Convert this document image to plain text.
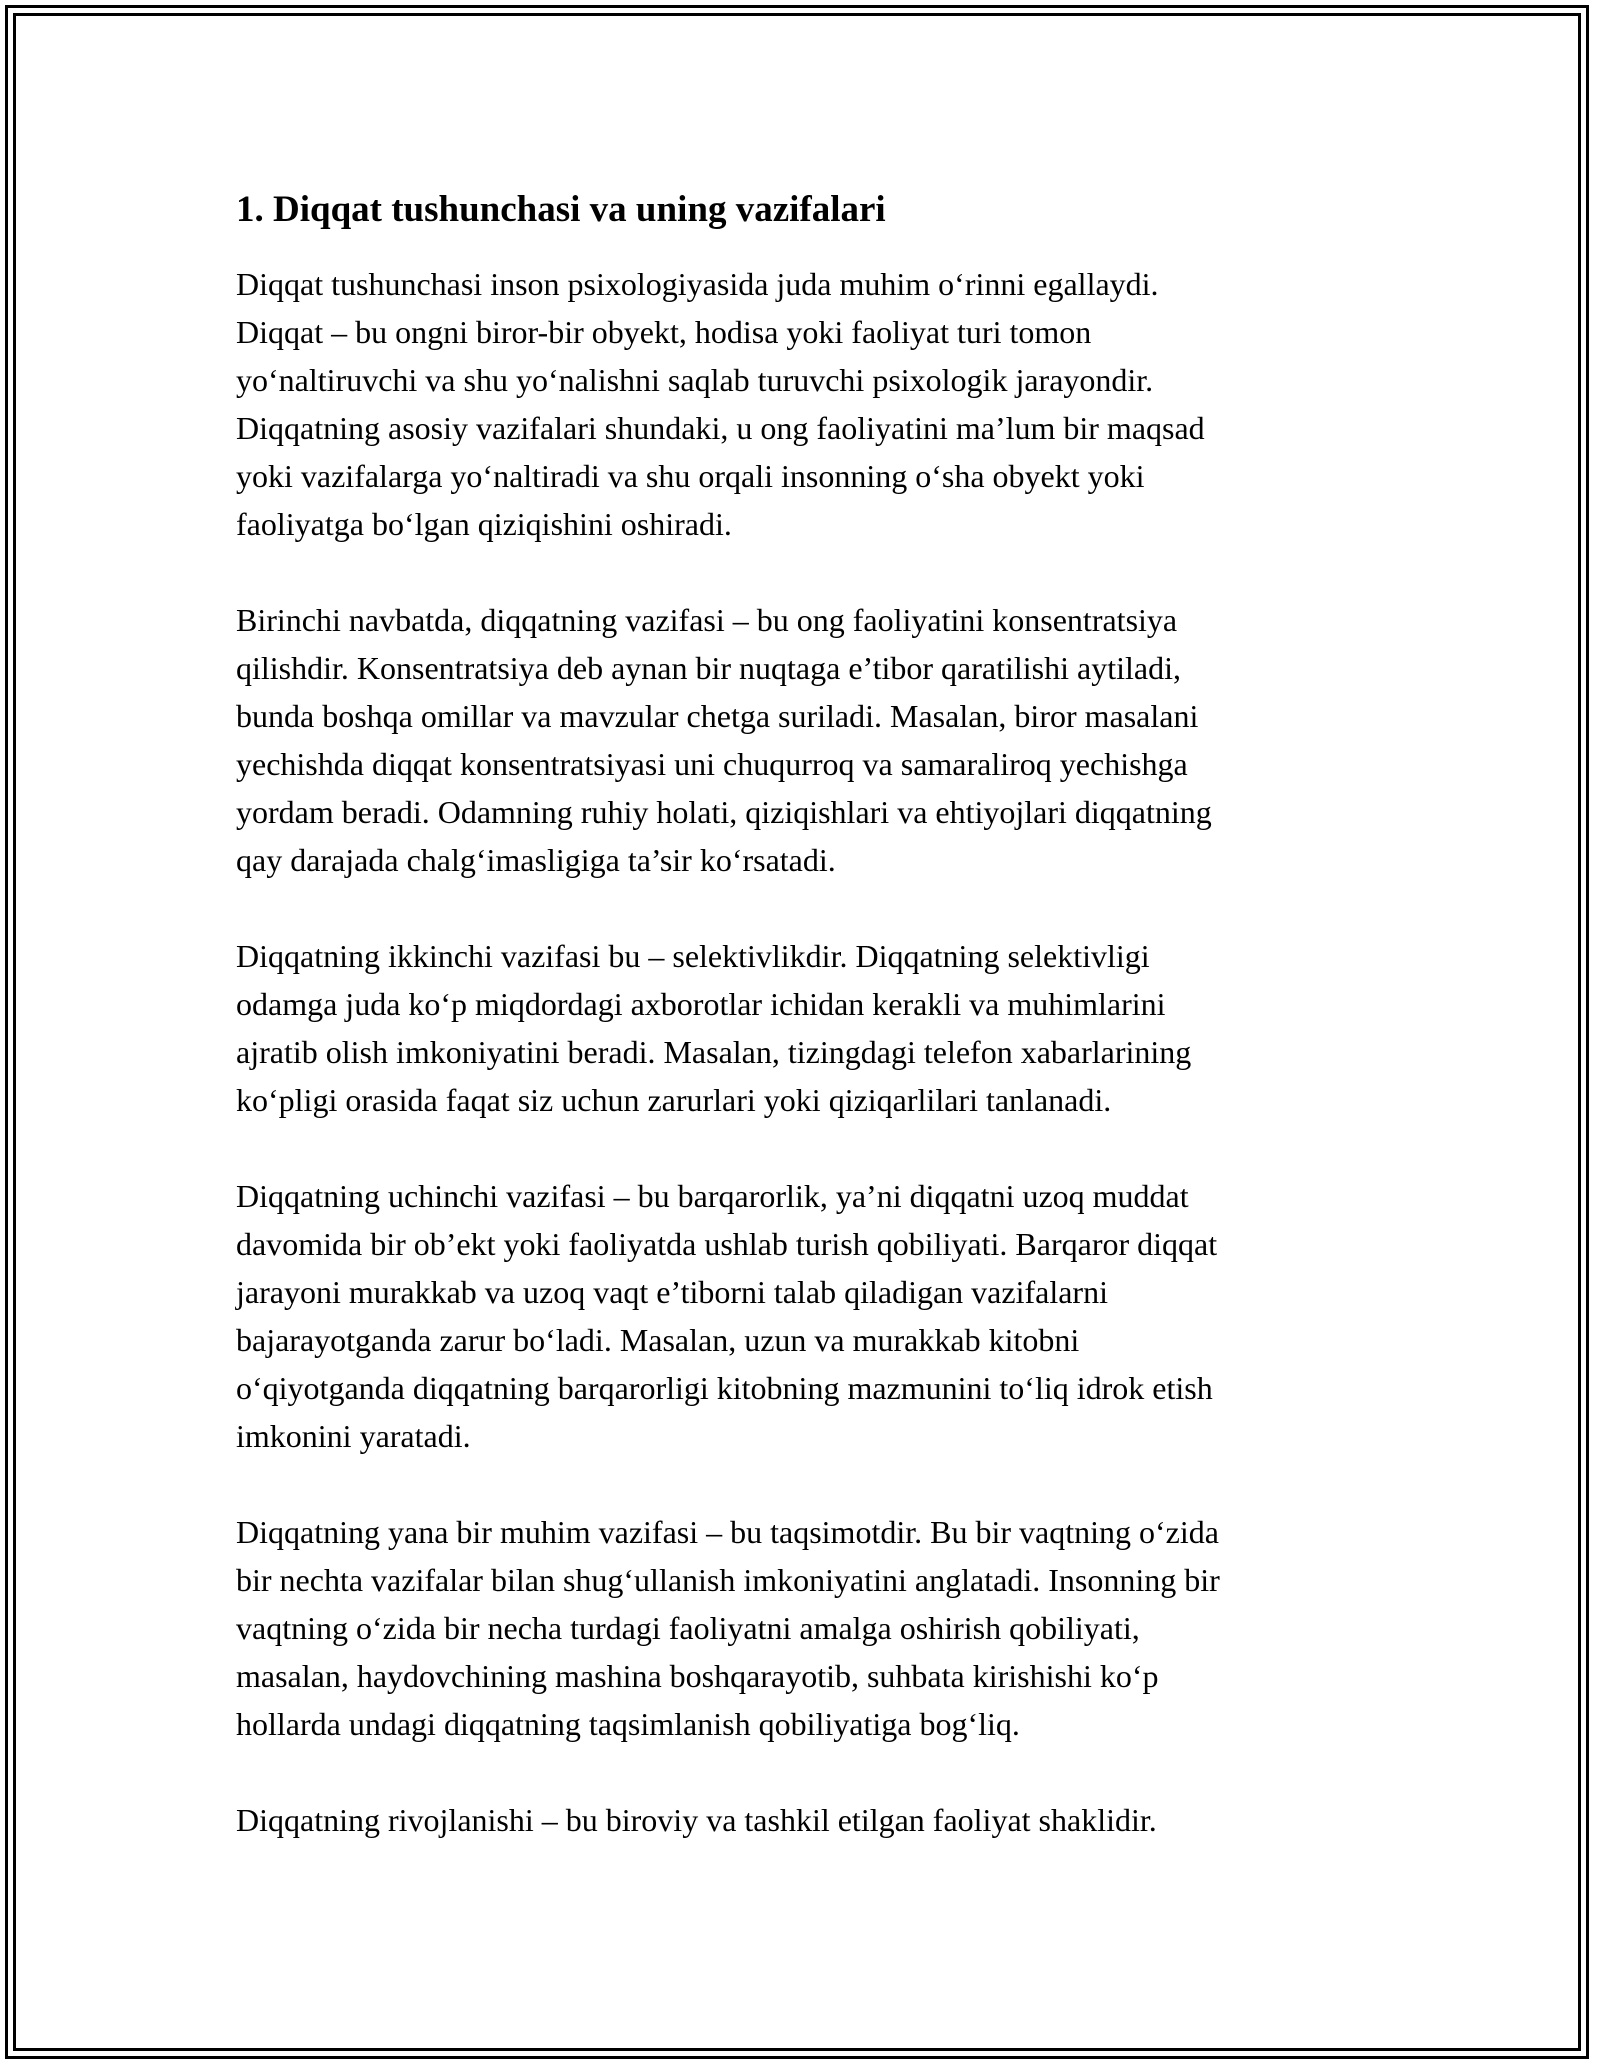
1. Diqqat tushunchasi va uning vazifalari

Diqqat tushunchasi inson psixologiyasida juda muhim o‘rinni egallaydi.
Diqqat – bu ongni biror-bir obyekt, hodisa yoki faoliyat turi tomon
yo‘naltiruvchi va shu yo‘nalishni saqlab turuvchi psixologik jarayondir.
Diqqatning asosiy vazifalari shundaki, u ong faoliyatini ma’lum bir maqsad
yoki vazifalarga yo‘naltiradi va shu orqali insonning o‘sha obyekt yoki
faoliyatga bo‘lgan qiziqishini oshiradi.

Birinchi navbatda, diqqatning vazifasi – bu ong faoliyatini konsentratsiya
qilishdir. Konsentratsiya deb aynan bir nuqtaga e’tibor qaratilishi aytiladi,
bunda boshqa omillar va mavzular chetga suriladi. Masalan, biror masalani
yechishda diqqat konsentratsiyasi uni chuqurroq va samaraliroq yechishga
yordam beradi. Odamning ruhiy holati, qiziqishlari va ehtiyojlari diqqatning
qay darajada chalg‘imasligiga ta’sir ko‘rsatadi.

Diqqatning ikkinchi vazifasi bu – selektivlikdir. Diqqatning selektivligi
odamga juda ko‘p miqdordagi axborotlar ichidan kerakli va muhimlarini
ajratib olish imkoniyatini beradi. Masalan, tizingdagi telefon xabarlarining
ko‘pligi orasida faqat siz uchun zarurlari yoki qiziqarlilari tanlanadi.

Diqqatning uchinchi vazifasi – bu barqarorlik, ya’ni diqqatni uzoq muddat
davomida bir ob’ekt yoki faoliyatda ushlab turish qobiliyati. Barqaror diqqat
jarayoni murakkab va uzoq vaqt e’tiborni talab qiladigan vazifalarni
bajarayotganda zarur bo‘ladi. Masalan, uzun va murakkab kitobni
o‘qiyotganda diqqatning barqarorligi kitobning mazmunini to‘liq idrok etish
imkonini yaratadi.

Diqqatning yana bir muhim vazifasi – bu taqsimotdir. Bu bir vaqtning o‘zida
bir nechta vazifalar bilan shug‘ullanish imkoniyatini anglatadi. Insonning bir
vaqtning o‘zida bir necha turdagi faoliyatni amalga oshirish qobiliyati,
masalan, haydovchining mashina boshqarayotib, suhbata kirishishi ko‘p
hollarda undagi diqqatning taqsimlanish qobiliyatiga bog‘liq.

Diqqatning rivojlanishi – bu biroviy va tashkil etilgan faoliyat shaklidir.
